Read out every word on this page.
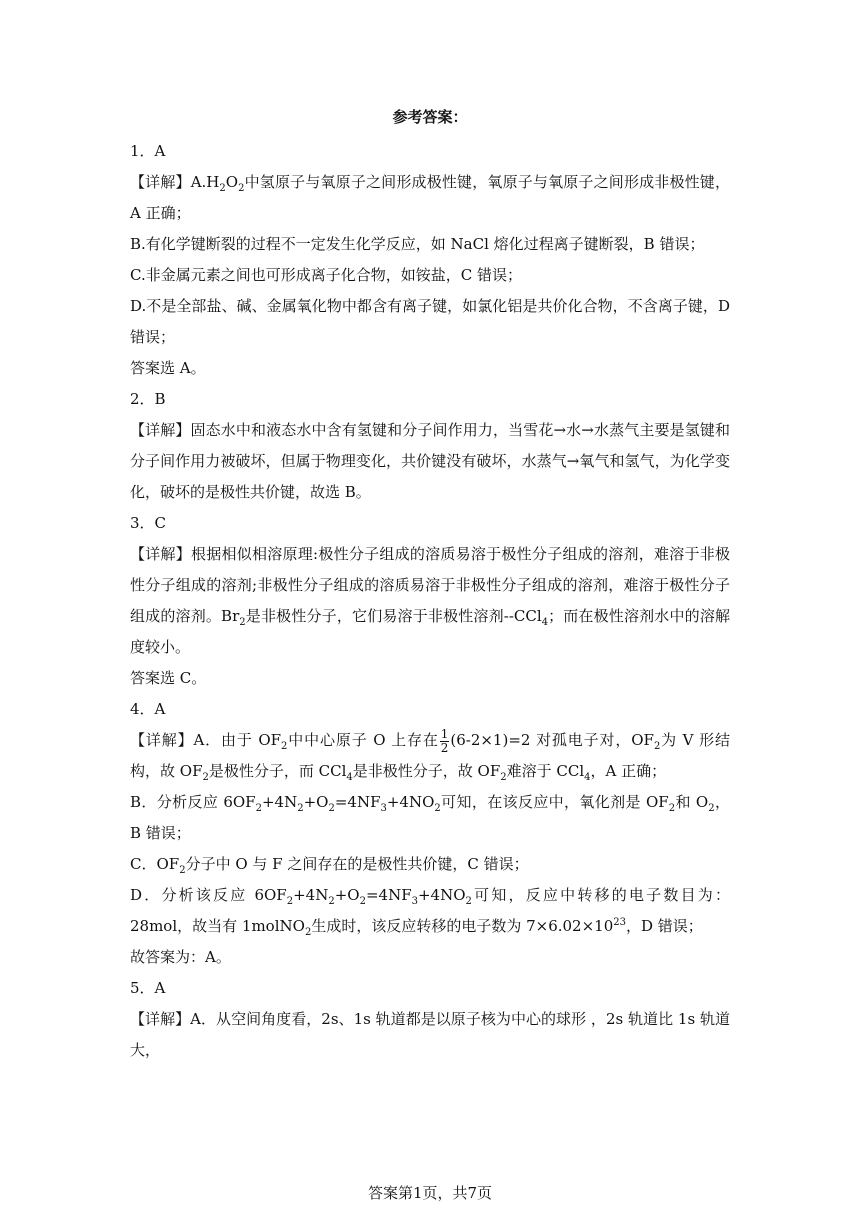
参考答案：

1．A

【详解】$A.H_2O_2$中氢原子与氧原子之间形成极性键，氧原子与氧原子之间形成非极性键，A 正确；

B.有化学键断裂的过程不一定发生化学反应，如 NaCl 熔化过程离子键断裂，B 错误；

C.非金属元素之间也可形成离子化合物，如铵盐，C 错误；

D.不是全部盐、碱、金属氧化物中都含有离子键，如氯化铝是共价化合物，不含离子键，D 错误；

答案选 A。

2．B

【详解】固态水中和液态水中含有氢键和分子间作用力，当雪花→水→水蒸气主要是氢键和分子间作用力被破坏，但属于物理变化，共价键没有破坏，水蒸气→氧气和氢气，为化学变化，破坏的是极性共价键，故选 B。

3．C

【详解】根据相似相溶原理:极性分子组成的溶质易溶于极性分子组成的溶剂，难溶于非极性分子组成的溶剂;非极性分子组成的溶质易溶于非极性分子组成的溶剂，难溶于极性分子组成的溶剂。$Br_2$是非极性分子，它们易溶于非极性溶剂--CCl$_4$；而在极性溶剂水中的溶解度较小。

答案选 C。

4．A

【详解】A．由于 $OF_2$中中心原子 O 上存在 $\frac{1}{2} (6-2\times 1)=2$ 对孤电子对，$OF_2$为 V 形结构，故 $OF_2$是极性分子，而 CCl$_4$是非极性分子，故 $OF_2$难溶于 CCl$_4$，A 正确；

B．分析反应 $6OF_2+4N_2+O_2=4NF_3+4NO_2$可知，在该反应中，氧化剂是 $OF_2$和 $O_2$，B 错误；

C．$OF_2$分子中 O 与 F 之间存在的是极性共价键，C 错误；

D．分析该反应 $6OF_2+4N_2+O_2=4NF_3+4NO_2$可知，反应中转移的电子数目为：28mol，故当有 1molNO$_2$生成时，该反应转移的电子数为 $7\times 6.02\times 10^{23}$，D 错误；

故答案为：A。

5．A

【详解】A．从空间角度看，2s、1s 轨道都是以原子核为中心的球形 ，2s 轨道比 1s 轨道大，

答案第1页，共7页
